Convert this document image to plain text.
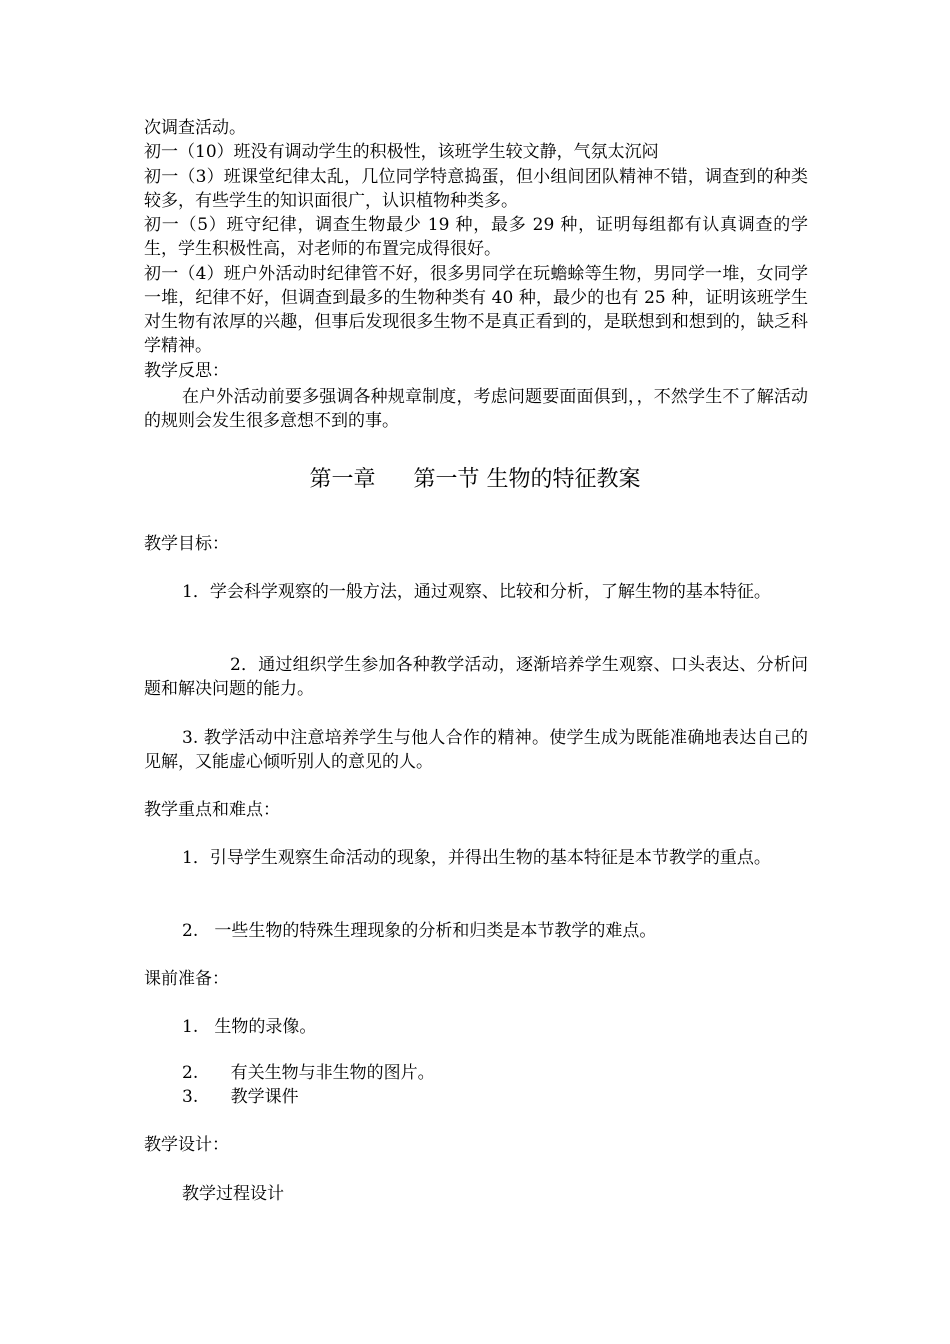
次调查活动。

初一（10）班没有调动学生的积极性，该班学生较文静，气氛太沉闷

初一（3）班课堂纪律太乱，几位同学特意捣蛋，但小组间团队精神不错，调查到的种类较多，有些学生的知识面很广，认识植物种类多。

初一（5）班守纪律，调查生物最少 19 种，最多 29 种，证明每组都有认真调查的学生，学生积极性高，对老师的布置完成得很好。

初一（4）班户外活动时纪律管不好，很多男同学在玩蟾蜍等生物，男同学一堆，女同学一堆，纪律不好，但调查到最多的生物种类有 40 种，最少的也有 25 种，证明该班学生对生物有浓厚的兴趣，但事后发现很多生物不是真正看到的，是联想到和想到的，缺乏科学精神。

教学反思：

在户外活动前要多强调各种规章制度，考虑问题要面面俱到，，不然学生不了解活动的规则会发生很多意想不到的事。

第一章 第一节 生物的特征教案

教学目标：

1．学会科学观察的一般方法，通过观察、比较和分析，了解生物的基本特征。

2．通过组织学生参加各种教学活动，逐渐培养学生观察、口头表达、分析问题和解决问题的能力。

3. 教学活动中注意培养学生与他人合作的精神。使学生成为既能准确地表达自己的见解，又能虚心倾听别人的意见的人。

教学重点和难点：

1．引导学生观察生命活动的现象，并得出生物的基本特征是本节教学的重点。

2.   一些生物的特殊生理现象的分析和归类是本节教学的难点。

课前准备：

1.   生物的录像。

2.      有关生物与非生物的图片。

3.      教学课件

教学设计：

教学过程设计
